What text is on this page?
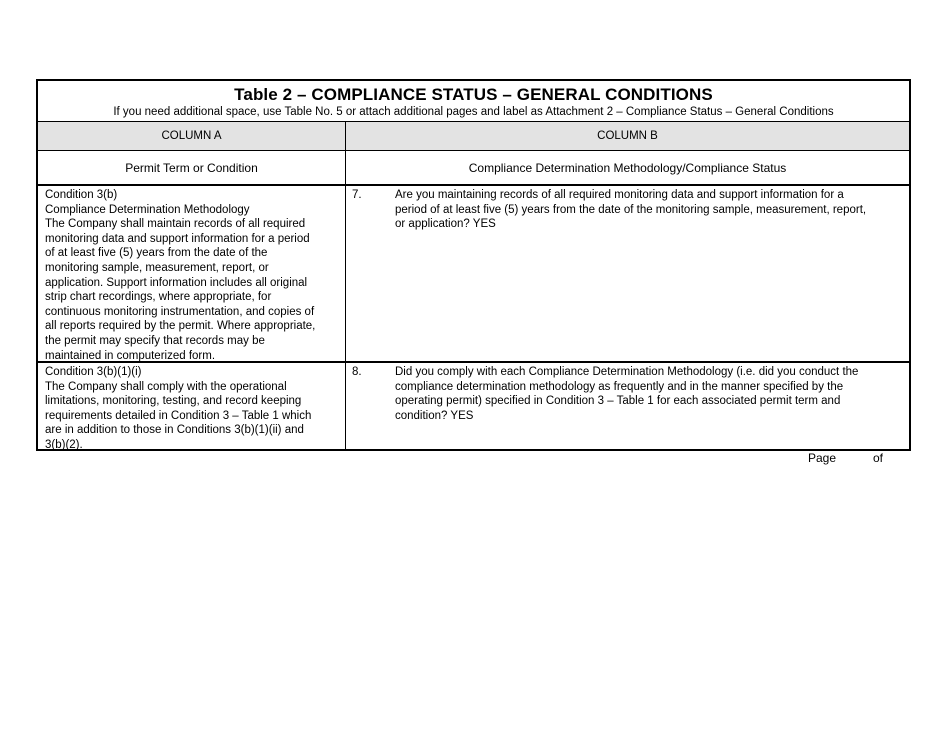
Table 2 – COMPLIANCE STATUS – GENERAL CONDITIONS
If you need additional space, use Table No. 5 or attach additional pages and label as Attachment 2 – Compliance Status – General Conditions
COLUMN A	COLUMN B
Permit Term or Condition	Compliance Determination Methodology/Compliance Status
Condition 3(b)
Compliance Determination Methodology
The Company shall maintain records of all required
monitoring data and support information for a period
of at least five (5) years from the date of the
monitoring sample, measurement, report, or
application. Support information includes all original
strip chart recordings, where appropriate, for
continuous monitoring instrumentation, and copies of
all reports required by the permit. Where appropriate,
the permit may specify that records may be
maintained in computerized form.
7.	Are you maintaining records of all required monitoring data and support information for a
period of at least five (5) years from the date of the monitoring sample, measurement, report,
or application? YES
Condition 3(b)(1)(i)
The Company shall comply with the operational
limitations, monitoring, testing, and record keeping
requirements detailed in Condition 3 – Table 1 which
are in addition to those in Conditions 3(b)(1)(ii) and
3(b)(2).
8.	Did you comply with each Compliance Determination Methodology (i.e. did you conduct the
compliance determination methodology as frequently and in the manner specified by the
operating permit) specified in Condition 3 – Table 1 for each associated permit term and
condition? YES
Page	of
